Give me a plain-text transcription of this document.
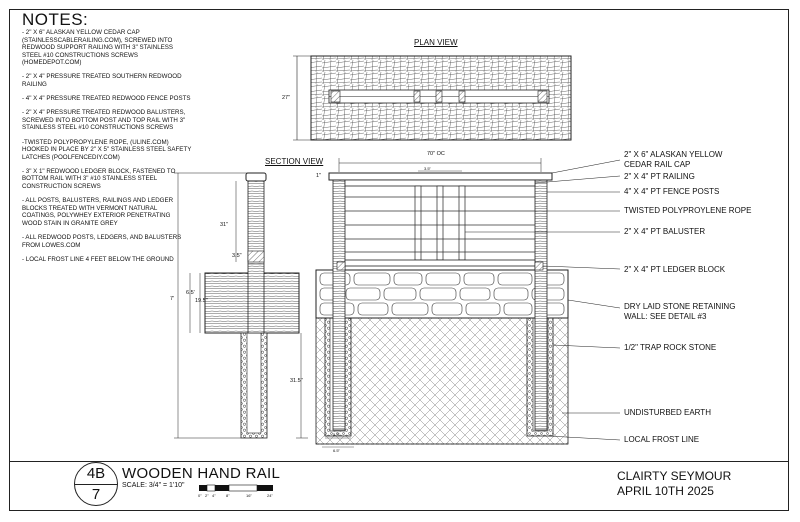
NOTES:

- 2" X 6" ALASKAN YELLOW CEDAR CAP (STAINLESSCABLERAILING.COM), SCREWED INTO REDWOOD SUPPORT RAILING WITH 3" STAINLESS STEEL #10 CONSTRUCTIONS SCREWS (HOMEDEPOT.COM)

- 2" X 4" PRESSURE TREATED SOUTHERN REDWOOD RAILING

- 4" X 4" PRESSURE TREATED REDWOOD FENCE POSTS

- 2" X 4" PRESSURE TREATED REDWOOD BALUSTERS, SCREWED INTO BOTTOM POST AND TOP RAIL WITH 3" STAINLESS STEEL #10 CONSTRUCTIONS SCREWS

-TWISTED POLYPROPYLENE ROPE, (ULINE.COM) HOOKED IN PLACE BY 2" X 5" STAINLESS STEEL SAFETY LATCHES (POOLFENCEDIY.COM)

- 3" X 1" REDWOOD LEDGER BLOCK, FASTENED TO BOTTOM RAIL WITH 3" #10 STAINLESS STEEL CONSTRUCTION SCREWS

- ALL POSTS, BALUSTERS, RAILINGS AND LEDGER BLOCKS TREATED WITH VERMONT NATURAL COATINGS, POLYWHEY EXTERIOR PENETRATING WOOD STAIN IN GRANITE GREY

- ALL REDWOOD POSTS, LEDGERS, AND BALUSTERS FROM LOWES.COM

- LOCAL FROST LINE 4 FEET BELOW THE GROUND

PLAN VIEW
SECTION VIEW
27"
70" OC
1"
31"
3.5"
7'
6.5'
19.5"
31.5"
3.5"
5.5"
6.5"
2" X 6" ALASKAN YELLOW
CEDAR RAIL CAP
2" X 4" PT RAILING
4" X 4" PT FENCE POSTS
TWISTED POLYPROYLENE ROPE
2" X 4" PT BALUSTER
2" X 4" PT LEDGER BLOCK
DRY LAID STONE RETAINING
WALL: SEE DETAIL #3
1/2" TRAP ROCK STONE
UNDISTURBED EARTH
LOCAL FROST LINE
4B
7
WOODEN HAND RAIL
SCALE: 3/4" = 1'10"
0" 2" 4"	8"	16"	24"
CLAIRTY SEYMOUR
APRIL 10TH 2025
